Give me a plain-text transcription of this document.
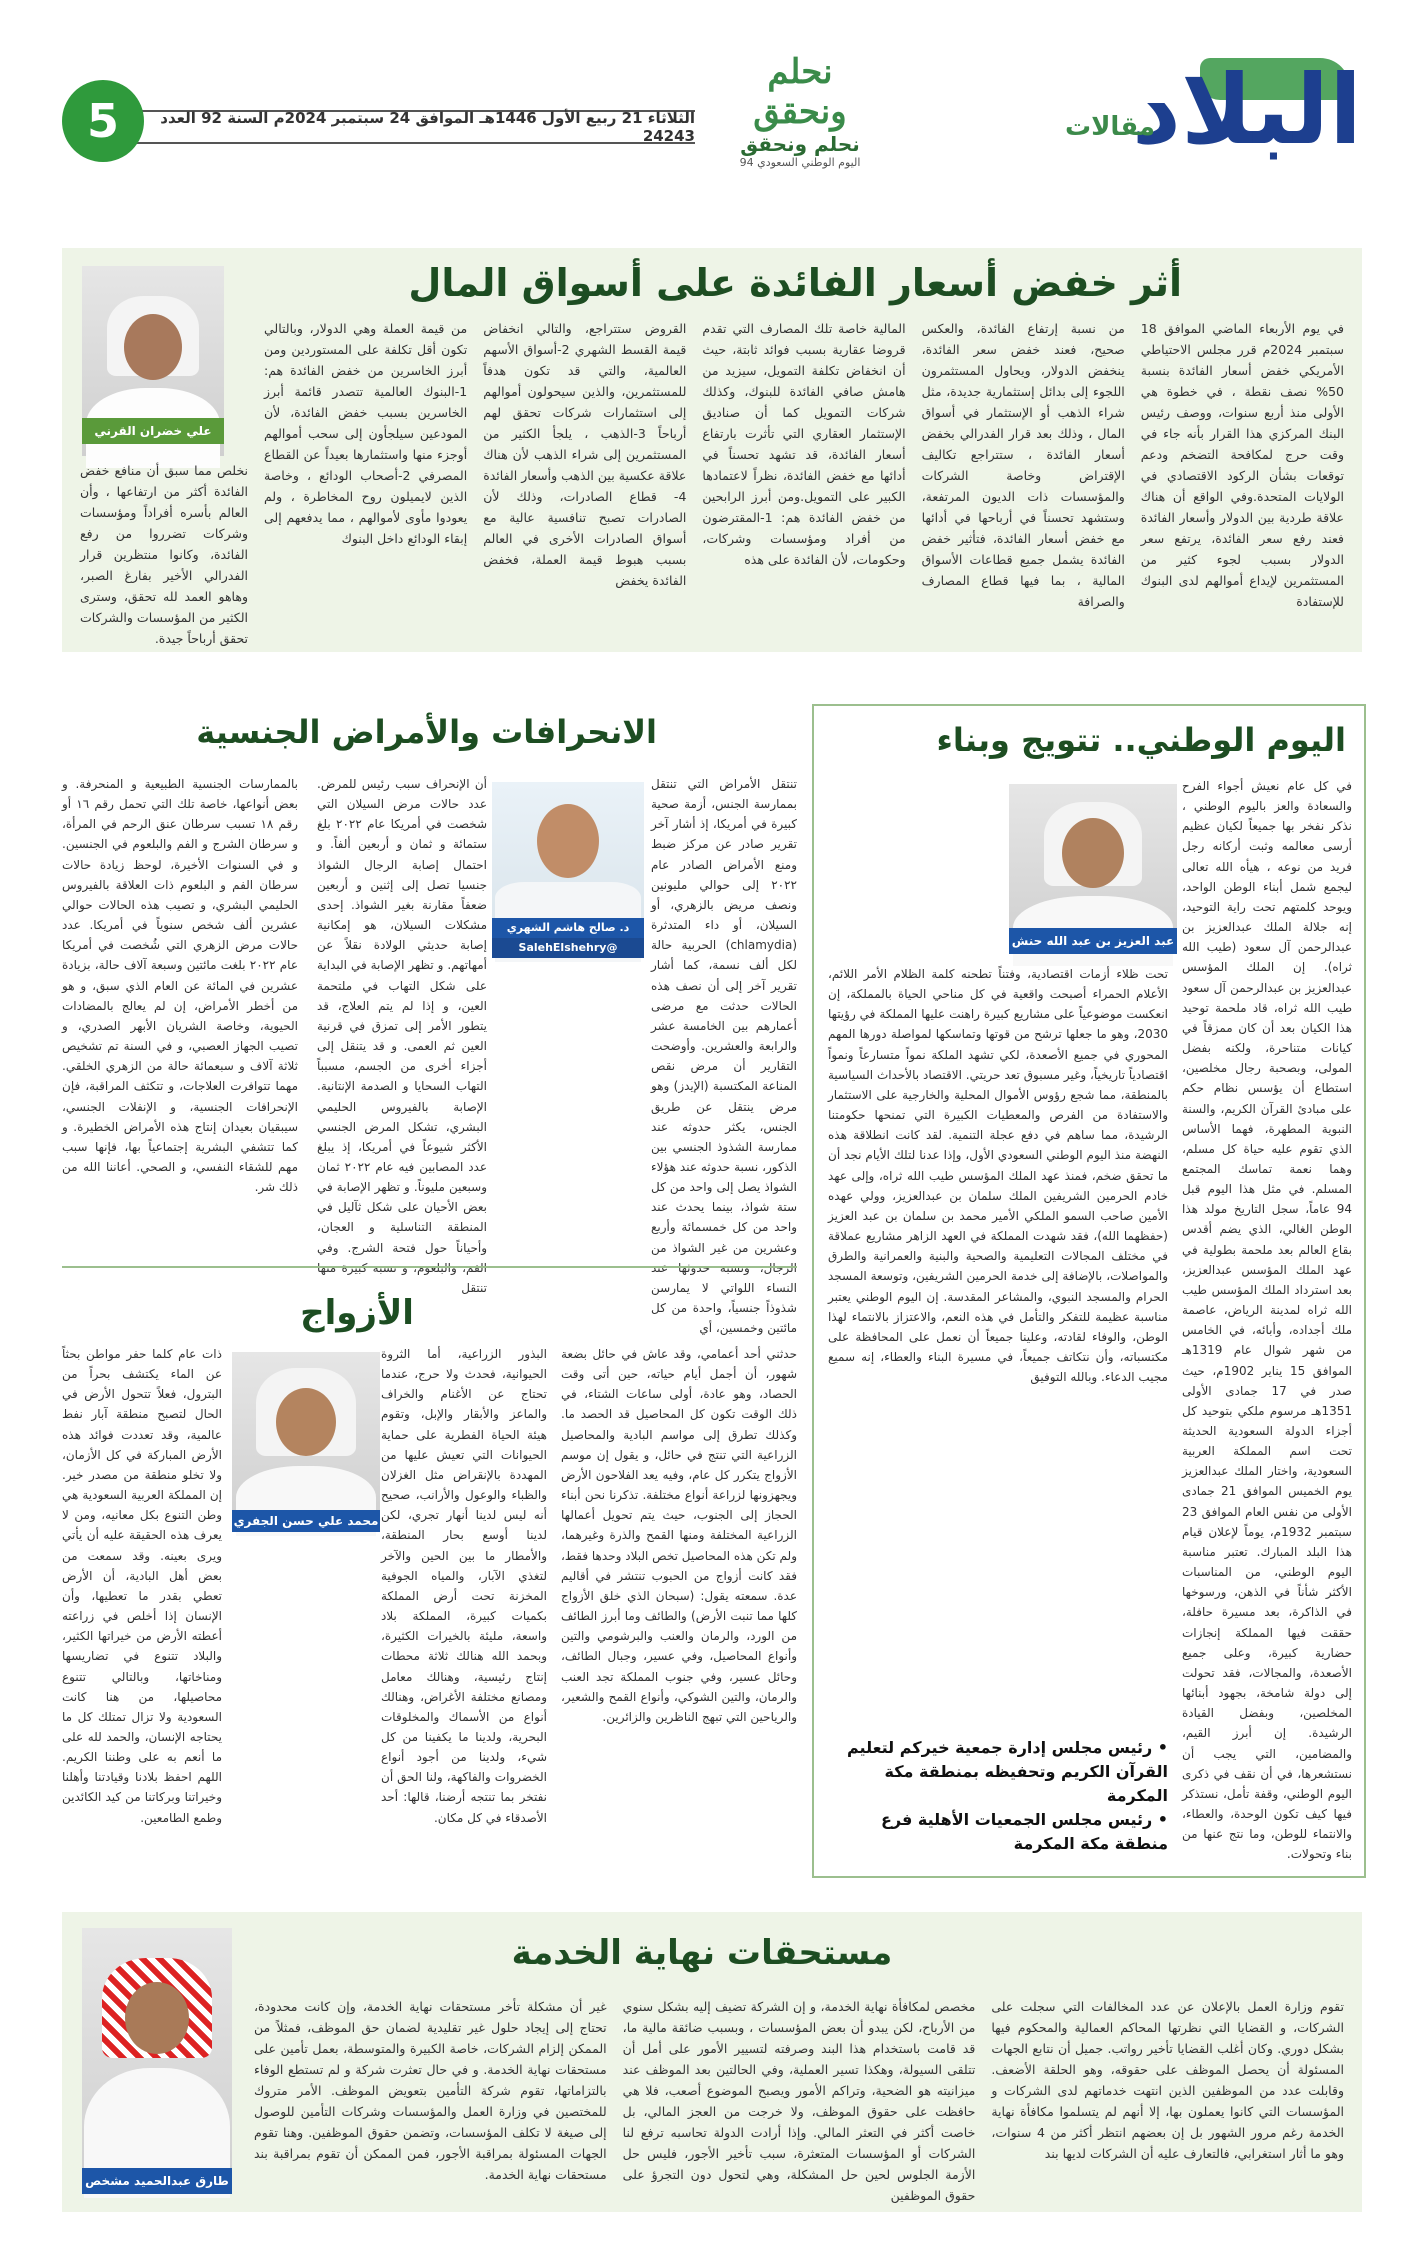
البلاد
مقالات
نحلم ونحقق
نحلم ونحقق
اليوم الوطني السعودي 94
الثلاثاء 21 ربيع الأول 1446هـ الموافق 24 سبتمبر 2024م السنة 92 العدد 24243
5
أثر خفض أسعار الفائدة على أسواق المال
علي خضران القرني
في يوم الأربعاء الماضي الموافق 18 سبتمبر 2024م قرر مجلس الاحتياطي الأمريكي خفض أسعار الفائدة بنسبة 50% نصف نقطة ، في خطوة هي الأولى منذ أربع سنوات، ووصف رئيس البنك المركزي هذا القرار بأنه جاء في وقت حرج لمكافحة التضخم ودعم توقعات بشأن الركود الاقتصادي في الولايات المتحدة.وفي الواقع أن هناك علاقة طردية بين الدولار وأسعار الفائدة فعند رفع سعر الفائدة، يرتفع سعر الدولار بسبب لجوء كثير من المستثمرين لإيداع أموالهم لدى البنوك للإستفادة
من نسبة إرتفاع الفائدة، والعكس صحيح، فعند خفض سعر الفائدة، ينخفض الدولار، ويحاول المستثمرون اللجوء إلى بدائل إستثمارية جديدة، مثل شراء الذهب أو الإستثمار في أسواق المال ، وذلك بعد قرار الفدرالي بخفض أسعار الفائدة ، ستتراجع تكاليف الإقتراض وخاصة الشركات والمؤسسات ذات الديون المرتفعة، وستشهد تحسناً في أرباحها في أدائها مع خفض أسعار الفائدة، فتأثير خفض الفائدة يشمل جميع قطاعات الأسواق المالية ، بما فيها قطاع المصارف والصرافة
المالية خاصة تلك المصارف التي تقدم قروضا عقارية بسبب فوائد ثابتة، حيث أن انخفاض تكلفة التمويل، سيزيد من هامش صافي الفائدة للبنوك، وكذلك شركات التمويل كما أن صناديق الإستثمار العقاري التي تأثرت بارتفاع أسعار الفائدة، قد تشهد تحسناً في أدائها مع خفض الفائدة، نظراً لاعتمادها الكبير على التمويل.ومن أبرز الرابحين من خفض الفائدة هم: 1-المقترضون من أفراد ومؤسسات وشركات، وحكومات، لأن الفائدة على هذه
القروض ستتراجع، والتالي انخفاض قيمة القسط الشهري 2-أسواق الأسهم العالمية، والتي قد تكون هدفاً للمستثمرين، والذين سيحولون أموالهم إلى استثمارات شركات تحقق لهم أرباحاً 3-الذهب ، يلجأ الكثير من المستثمرين إلى شراء الذهب لأن هناك علاقة عكسية بين الذهب وأسعار الفائدة 4- قطاع الصادرات، وذلك لأن الصادرات تصبح تنافسية عالية مع أسواق الصادرات الأخرى في العالم بسبب هبوط قيمة العملة، فخفض الفائدة يخفض
من قيمة العملة وهي الدولار، وبالتالي تكون أقل تكلفة على المستوردين ومن أبرز الخاسرين من خفض الفائدة هم: 1-البنوك العالمية تتصدر قائمة أبرز الخاسرين بسبب خفض الفائدة، لأن المودعين سيلجأون إلى سحب أموالهم أوجزء منها واستثمارها بعيداً عن القطاع المصرفي 2-أصحاب الودائع ، وخاصة الذين لايميلون روح المخاطرة ، ولم يعودوا مأوى لأموالهم ، مما يدفعهم إلى إبقاء الودائع داخل البنوك
نخلص مما سبق أن منافع خفض الفائدة أكثر من ارتفاعها ، وأن العالم بأسره أفراداً ومؤسسات وشركات تضرروا من رفع الفائدة، وكانوا منتظرين قرار الفدرالي الأخير بفارغ الصبر، وهاهو العمد لله تحقق، وسترى الكثير من المؤسسات والشركات تحقق أرباحاً جيدة.
اليوم الوطني.. تتويج وبناء
عبد العزيز بن عبد الله حنش
في كل عام نعيش أجواء الفرح والسعادة والعز باليوم الوطني ، نذكر نفخر بها جميعاً لكيان عظيم أرسى معالمه وثبت أركانه رجل فريد من نوعه ، هيأه الله تعالى ليجمع شمل أبناء الوطن الواحد، ويوحد كلمتهم تحت راية التوحيد، إنه جلالة الملك عبدالعزيز بن عبدالرحمن آل سعود (طيب الله ثراه). إن الملك المؤسس عبدالعزيز بن عبدالرحمن آل سعود طيب الله ثراه، قاد ملحمة توحيد هذا الكيان بعد أن كان ممزقاً في كيانات متناحرة، ولكنه بفضل المولى، وبصحبة رجال مخلصين، استطاع أن يؤسس نظام حكم على مبادئ القرآن الكريم، والسنة النبوية المطهرة، فهما الأساس الذي تقوم عليه حياة كل مسلم، وهما نعمة تماسك المجتمع المسلم. في مثل هذا اليوم قبل 94 عاماً، سجل التاريخ مولد هذا الوطن الغالي، الذي يضم أقدس بقاع العالم بعد ملحمة بطولية في عهد الملك المؤسس عبدالعزيز، بعد استرداد الملك المؤسس طيب الله ثراه لمدينة الرياض، عاصمة ملك أجداده، وأبائه، في الخامس من شهر شوال عام 1319هـ الموافق 15 يناير 1902م، حيث صدر في 17 جمادى الأولى 1351هـ مرسوم ملكي بتوحيد كل أجزاء الدولة السعودية الحديثة تحت اسم المملكة العربية السعودية، واختار الملك عبدالعزيز يوم الخميس الموافق 21 جمادى الأولى من نفس العام الموافق 23 سبتمبر 1932م، يوماً لإعلان قيام هذا البلد المبارك. تعتبر مناسبة اليوم الوطني، من المناسبات الأكثر شأناً في الذهن، ورسوخها في الذاكرة، بعد مسيرة حافلة، حققت فيها المملكة إنجازات حضارية كبيرة، وعلى جميع الأصعدة، والمجالات، فقد تحولت إلى دولة شامخة، بجهود أبنائها المخلصين، وبفضل القيادة الرشيدة. إن أبرز القيم، والمضامين، التي يجب أن نستشعرها، في أن نقف في ذكرى اليوم الوطني، وقفة تأمل، نستذكر فيها كيف تكون الوحدة، والعطاء، والانتماء للوطن، وما نتج عنها من بناء وتحولات.
تحت ظلاء أزمات اقتصادية، وفتناً تطحنه كلمة الظلام الأمر اللائم، الأعلام الحمراء أصبحت واقعية في كل مناحي الحياة بالمملكة، إن انعكست موضوعياً على مشاريع كبيرة راهنت عليها المملكة في رؤيتها 2030، وهو ما جعلها ترشح من قوتها وتماسكها لمواصلة دورها المهم المحوري في جميع الأصعدة، لكي تشهد الملكة نمواً متسارعاً ونمواً اقتصادياً تاريخياً، وغير مسبوق تعد حريتي. الاقتصاد بالأحداث السياسية بالمنطقة، مما شجع رؤوس الأموال المحلية والخارجية على الاستثمار والاستفادة من الفرص والمعطيات الكبيرة التي تمنحها حكومتنا الرشيدة، مما ساهم في دفع عجلة التنمية. لقد كانت انطلاقة هذه النهضة منذ اليوم الوطني السعودي الأول، وإذا عدنا لتلك الأيام نجد أن ما تحقق ضخم، فمنذ عهد الملك المؤسس طيب الله ثراه، وإلى عهد خادم الحرمين الشريفين الملك سلمان بن عبدالعزيز، وولي عهده الأمين صاحب السمو الملكي الأمير محمد بن سلمان بن عبد العزيز (حفظهما الله)، فقد شهدت المملكة في العهد الزاهر مشاريع عملاقة في مختلف المجالات التعليمية والصحية والبنية والعمرانية والطرق والمواصلات، بالإضافة إلى خدمة الحرمين الشريفين، وتوسعة المسجد الحرام والمسجد النبوي، والمشاعر المقدسة. إن اليوم الوطني يعتبر مناسبة عظيمة للتفكر والتأمل في هذه النعم، والاعتزاز بالانتماء لهذا الوطن، والوفاء لقادته، وعلينا جميعاً أن نعمل على المحافظة على مكتسباته، وأن نتكاتف جميعاً، في مسيرة البناء والعطاء، إنه سميع مجيب الدعاء. وبالله التوفيق
• رئيس مجلس إدارة جمعية خيركم لتعليم القرآن الكريم وتحفيظه بمنطقة مكة المكرمة
• رئيس مجلس الجمعيات الأهلية فرع منطقة مكة المكرمة
الانحرافات والأمراض الجنسية
د. صالح هاشم الشهري
@SalehElshehry
تنتقل الأمراض التي تنتقل بممارسة الجنس، أزمة صحية كبيرة في أمريكا، إذ أشار آخر تقرير صادر عن مركز ضبط ومنع الأمراض الصادر عام ٢٠٢٢ إلى حوالي مليونين ونصف مريض بالزهري، أو السيلان، أو داء المتدثرة (chlamydia) الحربية حالة لكل ألف نسمة، كما أشار تقرير آخر إلى أن نصف هذه الحالات حدثت مع مرضى أعمارهم بين الخامسة عشر والرابعة والعشرين. وأوضحت التقارير أن مرض نقص المناعة المكتسبة (الإيدز) وهو مرض ينتقل عن طريق الجنس، يكثر حدوثه عند ممارسة الشذوذ الجنسي بين الذكور، نسبة حدوثه عند هؤلاء الشواذ يصل إلى واحد من كل ستة شواذ، بينما يحدث عند واحد من كل خمسمائة وأربع وعشرين من غير الشواذ من النساء اللواتي لا يمارسن شذوذاً جنسياً، واحدة من كل مائتين وخمسين، أي
أن الإنحراف سبب رئيس للمرض. عدد حالات مرض السيلان التي شخصت في أمريكا عام ٢٠٢٢ بلغ ستمائة و ثمان و أربعين ألفاً. و احتمال إصابة الرجال الشواذ جنسيا تصل إلى إثنين و أربعين ضعفاً مقارنة بغير الشواذ. إحدى مشكلات السيلان، هو إمكانية إصابة حديثي الولادة نقلاً عن أمهاتهم. و تظهر الإصابة في البداية على شكل التهاب في ملتحمة العين، و إذا لم يتم العلاج، قد يتطور الأمر إلى تمزق في قرنية العين ثم العمى. و قد يتنقل إلى أجزاء أخرى من الجسم، مسبباً التهاب السحايا و الصدمة الإنتانية. الإصابة بالفيروس الحليمي البشري، تشكل المرض الجنسي الأكثر شيوعاً في أمريكا، إذ يبلغ عدد المصابين فيه عام ٢٠٢٢ ثمان وسبعين مليوناً. و تظهر الإصابة في بعض الأحيان على شكل ثآليل في المنطقة التناسلية و العجان، وأحياناً حول فتحة الشرج. وفي تنتقل
بالممارسات الجنسية الطبيعية و المنحرفة. و بعض أنواعها، خاصة تلك التي تحمل رقم ١٦ أو رقم ١٨ تسبب سرطان عنق الرحم في المرأة، و سرطان الشرج و الفم والبلعوم في الجنسين. و في السنوات الأخيرة، لوحظ زيادة حالات سرطان الفم و البلعوم ذات العلاقة بالفيروس الحليمي البشري، و تصيب هذه الحالات حوالي عشرين ألف شخص سنوياً في أمريكا. عدد حالات مرض الزهري التي شُخصت في أمريكا عام ٢٠٢٢ بلغت مائتين وسبعة آلاف حالة، بزيادة عشرين في المائة عن العام الذي سبق، و هو من أخطر الأمراض، إن لم يعالج بالمضادات الحيوية، وخاصة الشريان الأبهر الصدري، و تصيب الجهاز العصبي، و في السنة تم تشخيص ثلاثة آلاف و سبعمائة حالة من الزهري الخلقي. مهما تتوافرت العلاجات، و تتكثف المراقبة، فإن الإنحرافات الجنسية، و الإنفلات الجنسي، سيبقيان بعيدان إنتاج هذه الأمراض الخطيرة. و كما تتشفي البشرية إجتماعياً بها، فإنها سبب مهم للشقاء النفسي، و الصحي. أعاننا الله من ذلك شر.
الأزواج
محمد علي حسن الجفري
حدثني أحد أعمامي، وقد عاش في حائل بضعة شهور، أن أجمل أيام حياته، حين أتى وقت الحصاد، وهو عادة، أولى ساعات الشتاء، في ذلك الوقت تكون كل المحاصيل قد الحصد ما. وكذلك تطرق إلى مواسم البادية والمحاصيل الزراعية التي تنتج في حائل، و يقول إن موسم الأزواج يتكرر كل عام، وفيه يعد الفلاحون الأرض ويجهزونها لزراعة أنواع مختلفة. تذكرنا نحن أبناء الحجاز إلى الجنوب، حيث يتم تحويل أعمالها الزراعية المختلفة ومنها القمح والذرة وغيرهما، ولم تكن هذه المحاصيل تخص البلاد وحدها فقط، فقد كانت أزواج من الحبوب تنتشر في أقاليم عدة. سمعته يقول: (سبحان الذي خلق الأزواج كلها مما تنبت الأرض) والطائف وما أبرز الطائف من الورد، والرمان والعنب والبرشومي والتين وأنواع المحاصيل، وفي عسير، وجبال الطائف، وحائل عسير، وفي جنوب المملكة تجد العنب والرمان، والتين الشوكي، وأنواع القمح والشعير، والرياحين التي تبهج الناظرين والزائرين.
البذور الزراعية، أما الثروة الحيوانية، فحدث ولا حرج، عندما تحتاج عن الأغنام والخراف والماعز والأبقار والإبل، وتقوم هيئة الحياة الفطرية على حماية الحيوانات التي تعيش عليها من المهددة بالإنقراض مثل الغزلان والظباء والوعول والأرانب، صحيح أنه ليس لدينا أنهار تجري، لكن لدينا أوسع بحار المنطقة، والأمطار ما بين الحين والآخر لتغذي الآبار، والمياه الجوفية المخزنة تحت أرض المملكة بكميات كبيرة، المملكة بلاد واسعة، مليئة بالخيرات الكثيرة، وبحمد الله هنالك ثلاثة محطات إنتاج رئيسية، وهنالك معامل ومصانع مختلفة الأغراض، وهنالك أنواع من الأسماك والمخلوقات البحرية، ولدينا ما يكفينا من كل شيء، ولدينا من أجود أنواع الخضروات والفاكهة، ولنا الحق أن نفتخر بما تنتجه أرضنا، قالها: أحد الأصدقاء في كل مكان.
ذات عام كلما حفر مواطن بحثاً عن الماء يكتشف بحراً من البترول، فعلاً تتحول الأرض في الحال لتصبح منطقة آبار نفط عالمية، وقد تعددت فوائد هذه الأرض المباركة في كل الأزمان، ولا تخلو منطقة من مصدر خير. إن المملكة العربية السعودية هي وطن التنوع بكل معانيه، ومن لا يعرف هذه الحقيقة عليه أن يأتي ويرى بعينه. وقد سمعت من بعض أهل البادية، أن الأرض تعطي بقدر ما تعطيها، وأن الإنسان إذا أخلص في زراعته أعطته الأرض من خيراتها الكثير، والبلاد تتنوع في تضاريسها ومناخاتها، وبالتالي تتنوع محاصيلها، من هنا كانت السعودية ولا تزال تمتلك كل ما يحتاجه الإنسان، والحمد لله على ما أنعم به على وطننا الكريم. اللهم احفظ بلادنا وقيادتنا وأهلنا وخيراتنا وبركاتنا من كيد الكائدين وطمع الطامعين.
مستحقات نهاية الخدمة
طارق عبدالحميد مشخص
تقوم وزارة العمل بالإعلان عن عدد المخالفات التي سجلت على الشركات، و القضايا التي نظرتها المحاكم العمالية والمحكوم فيها بشكل دوري. وكان أغلب القضايا تأخير رواتب. جميل أن نتابع الجهات المسئولة أن يحصل الموظف على حقوقه، وهو الحلقة الأضعف. وقابلت عدد من الموظفين الذين انتهت خدماتهم لدى الشركات و المؤسسات التي كانوا يعملون بها، إلا أنهم لم يتسلموا مكافأة نهاية الخدمة رغم مرور الشهور بل إن بعضهم انتظر أكثر من 4 سنوات، وهو ما أثار استغرابي، فالتعارف عليه أن الشركات لديها بند
مخصص لمكافأة نهاية الخدمة، و إن الشركة تضيف إليه بشكل سنوي من الأرباح، لكن يبدو أن بعض المؤسسات ، وبسبب ضائقة مالية ما، قد قامت باستخدام هذا البند وصرفته لتسيير الأمور على أمل أن تتلقى السيولة، وهكذا تسير العملية، وفي الحالتين بعد الموظف عند ميزانيته هو الضحية، وتراكم الأمور ويصبح الموضوع أصعب، فلا هي حافظت على حقوق الموظف، ولا خرجت من العجز المالي، بل خاصت أكثر في التعثر المالي. وإذا أرادت الدولة تحاسبه ترفع لنا الشركات أو المؤسسات المتعثرة، سبب تأخير الأجور، فليس حل الأزمة الجلوس لحين حل المشكلة، وهي لتحول دون التجرؤ على حقوق الموظفين
غير أن مشكلة تأخر مستحقات نهاية الخدمة، وإن كانت محدودة، تحتاج إلى إيجاد حلول غير تقليدية لضمان حق الموظف، فمثلاً من الممكن إلزام الشركات، خاصة الكبيرة والمتوسطة، بعمل تأمين على مستحقات نهاية الخدمة. و في حال تعثرت شركة و لم تستطع الوفاء بالتزاماتها، تقوم شركة التأمين بتعويض الموظف. الأمر متروك للمختصين في وزارة العمل والمؤسسات وشركات التأمين للوصول إلى صيغة لا تكلف المؤسسات، وتضمن حقوق الموظفين. وهنا تقوم الجهات المسئولة بمراقبة الأجور، فمن الممكن أن تقوم بمراقبة بند مستحقات نهاية الخدمة.
